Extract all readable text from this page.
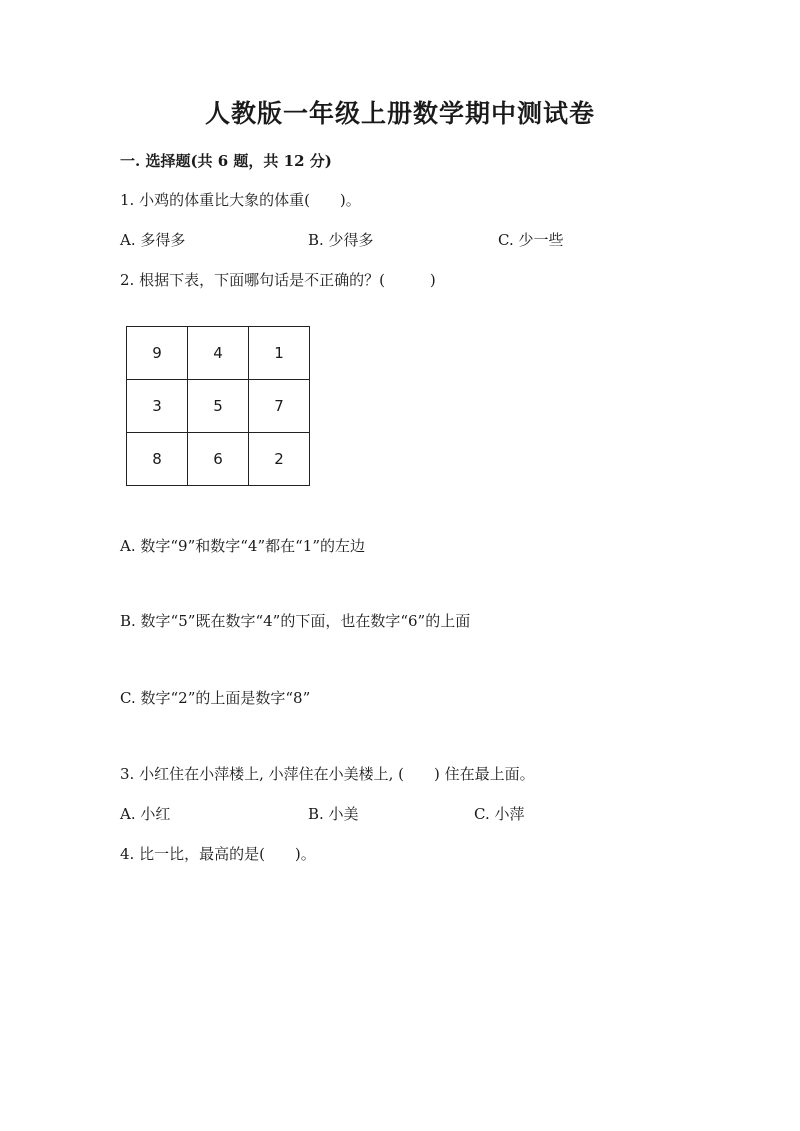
人教版一年级上册数学期中测试卷
一. 选择题(共 6 题，共 12 分)
1. 小鸡的体重比大象的体重(　　)。
A. 多得多	B. 少得多	C. 少一些
2. 根据下表，下面哪句话是不正确的？(　　　)
9	4	1
3	5	7
8	6	2
A. 数字“9”和数字“4”都在“1”的左边
B. 数字“5”既在数字“4”的下面，也在数字“6”的上面
C. 数字“2”的上面是数字“8”
3. 小红住在小萍楼上, 小萍住在小美楼上, (　　) 住在最上面。
A. 小红	B. 小美	C. 小萍
4. 比一比，最高的是(　　)。
